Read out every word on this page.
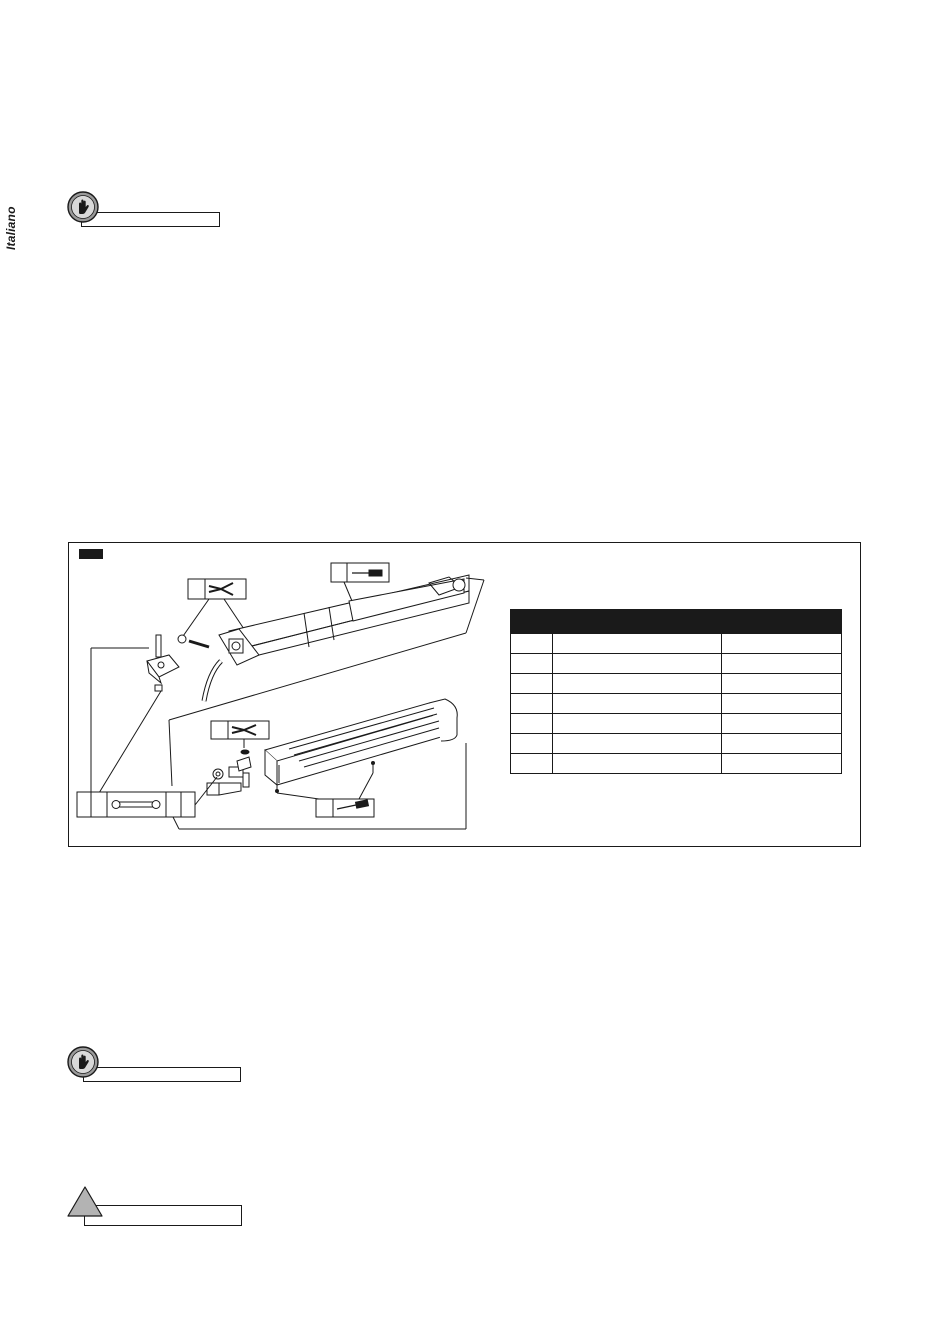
Italiano
